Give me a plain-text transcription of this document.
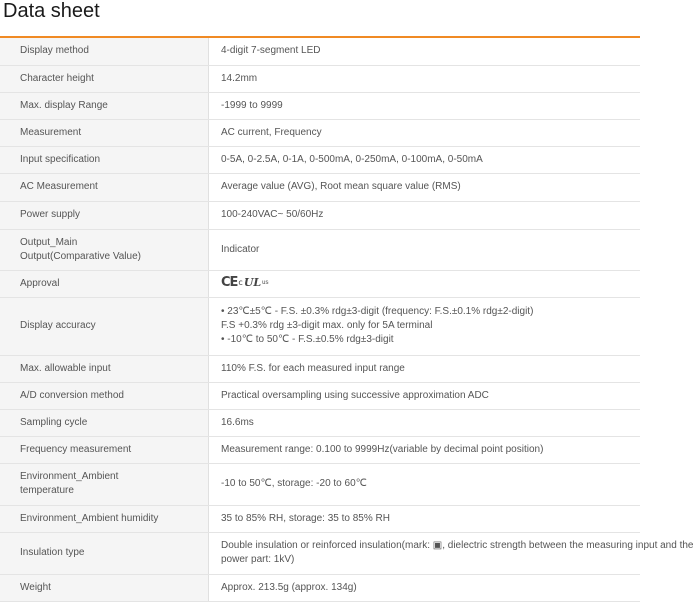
Data sheet
Display method	4-digit 7-segment LED

Character height	14.2mm

Max. display Range	-1999 to 9999

Measurement	AC current, Frequency

Input specification	0-5A, 0-2.5A, 0-1A, 0-500mA, 0-250mA, 0-100mA, 0-50mA

AC Measurement	Average value (AVG), Root mean square value (RMS)

Power supply	100-240VAC~ 50/60Hz

Output_Main
Output(Comparative Value)	Indicator

Approval	CE c UL us

Display accuracy	• 23℃±5℃ - F.S. ±0.3% rdg±3-digit (frequency: F.S.±0.1% rdg±2-digit)
F.S +0.3% rdg ±3-digit max. only for 5A terminal
• -10℃ to 50℃ - F.S.±0.5% rdg±3-digit

Max. allowable input	110% F.S. for each measured input range

A/D conversion method	Practical oversampling using successive approximation ADC

Sampling cycle	16.6ms

Frequency measurement	Measurement range: 0.100 to 9999Hz(variable by decimal point position)

Environment_Ambient
temperature	-10 to 50℃, storage: -20 to 60℃

Environment_Ambient humidity	35 to 85% RH, storage: 35 to 85% RH

Insulation type	Double insulation or reinforced insulation(mark: ▣, dielectric strength between the measuring input and the
power part: 1kV)

Weight	Approx. 213.5g (approx. 134g)
